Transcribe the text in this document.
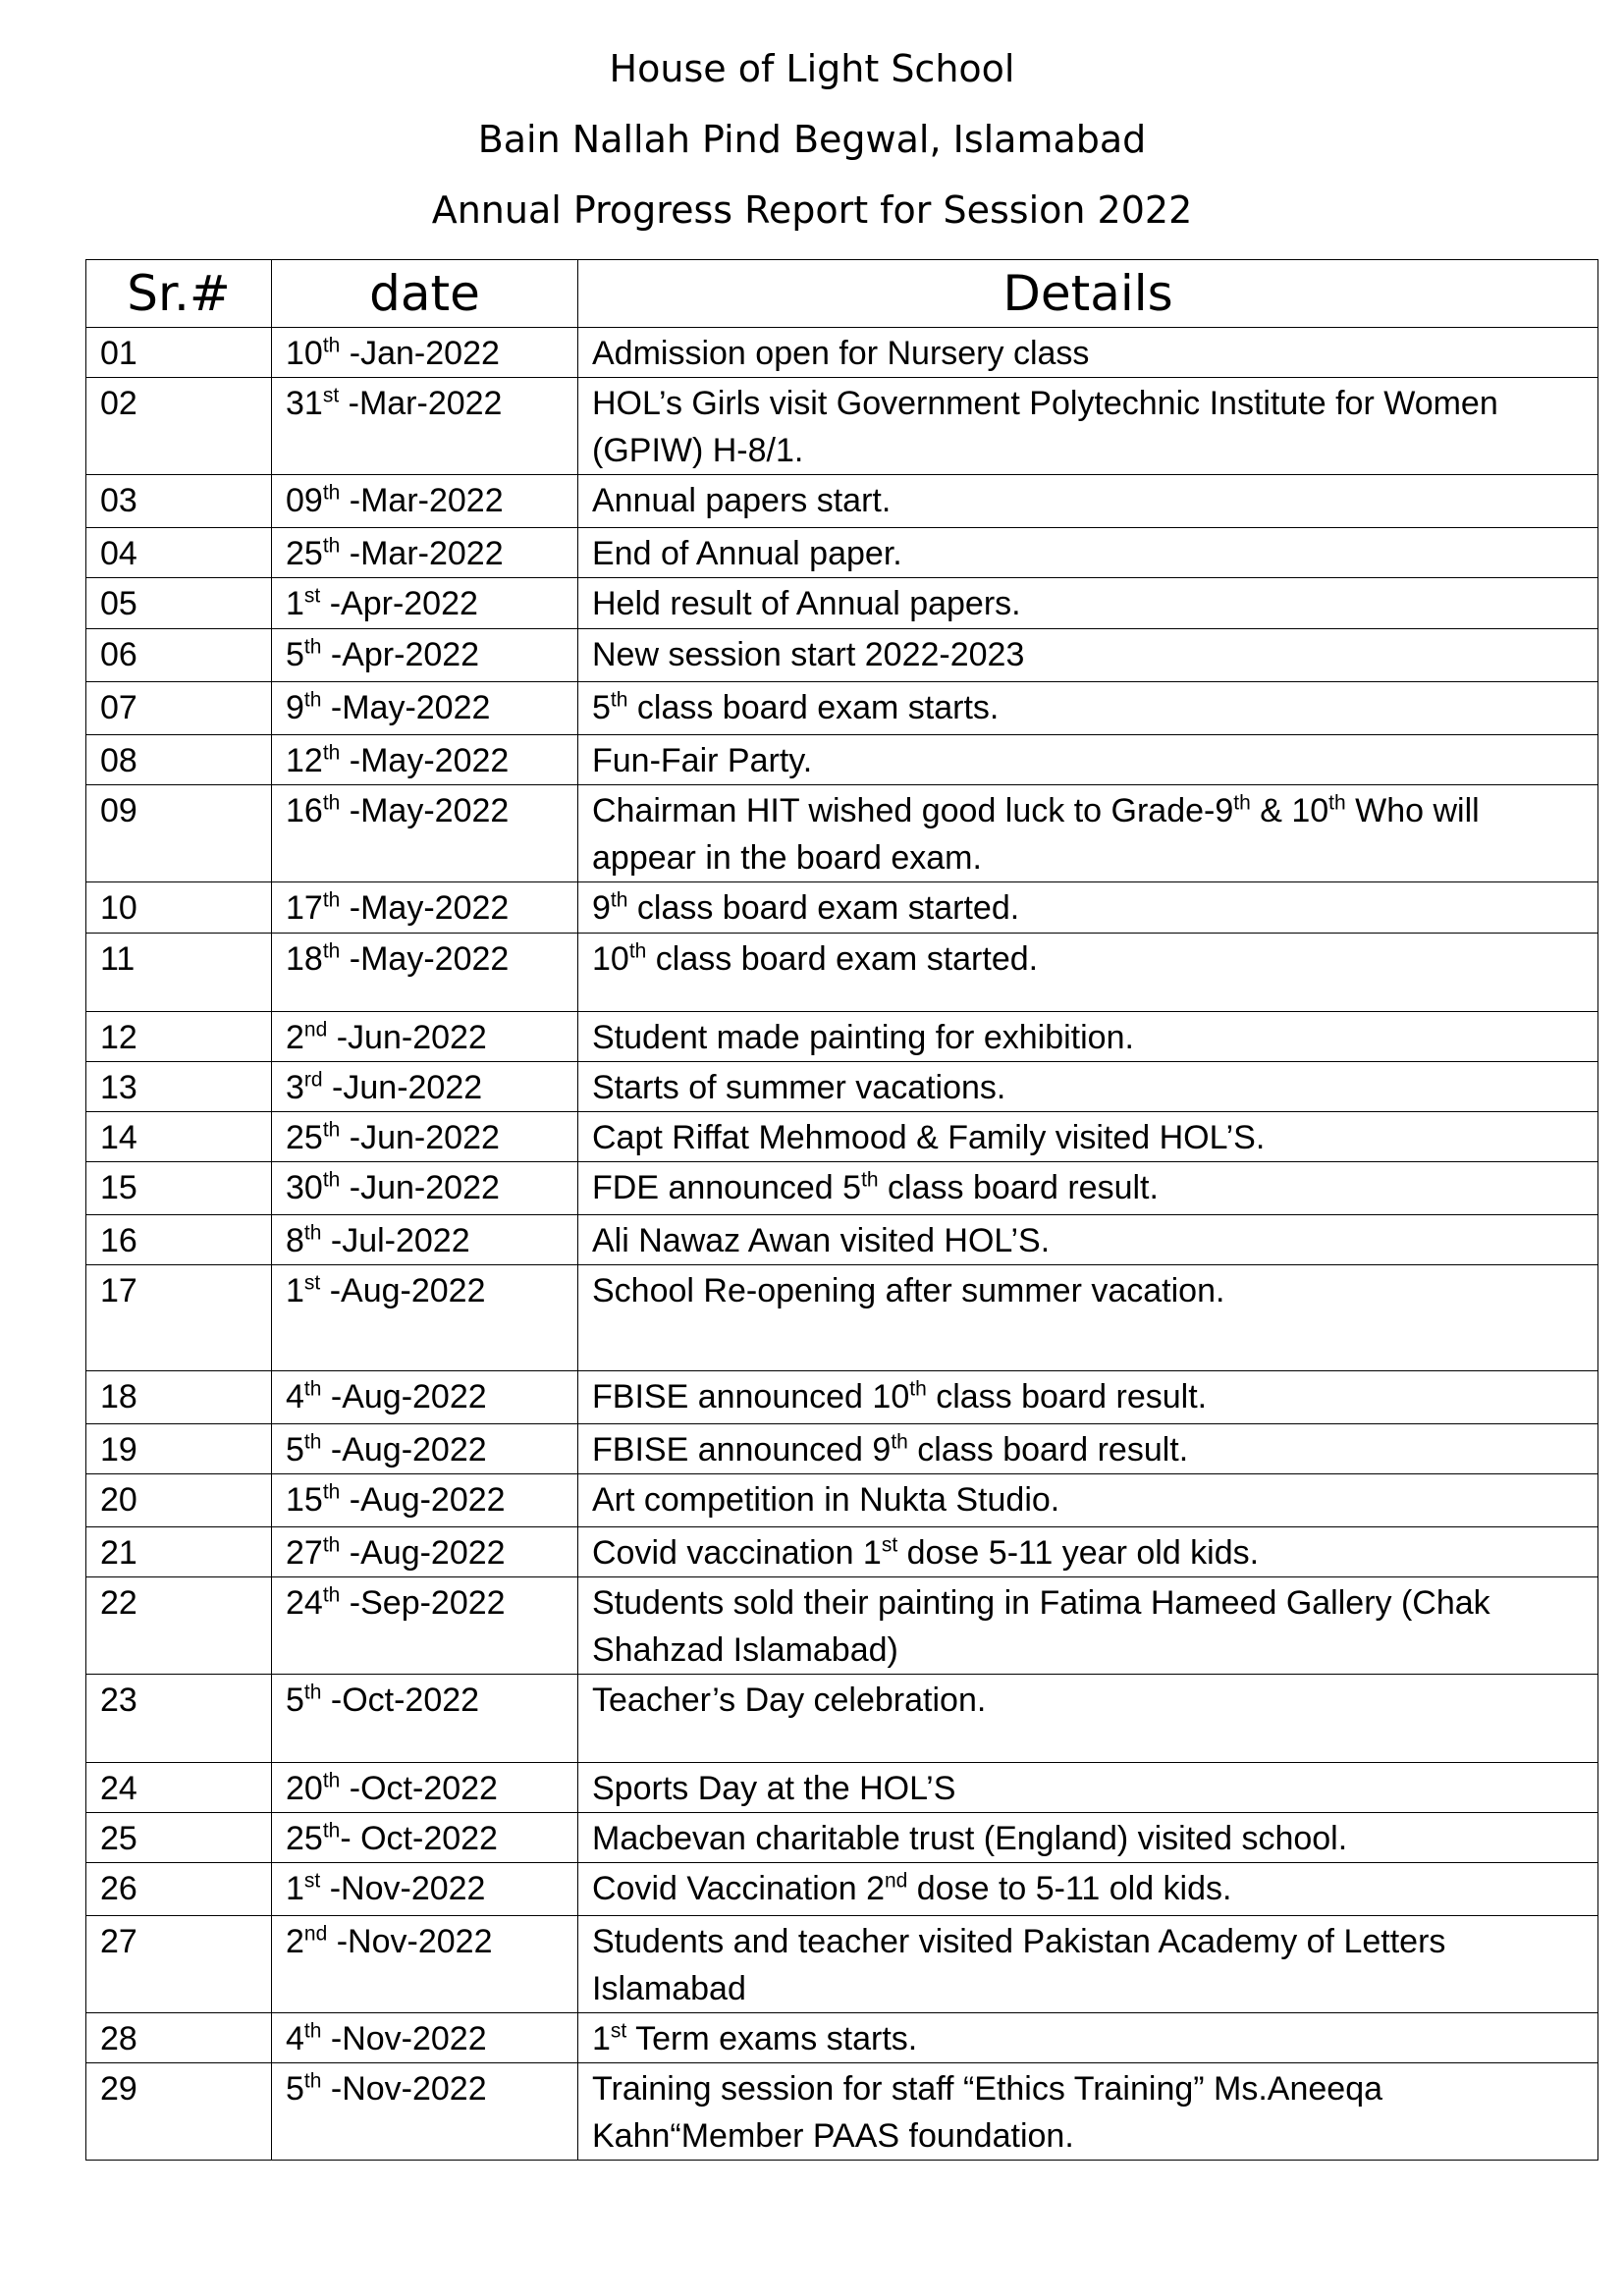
House of Light School
Bain Nallah Pind Begwal, Islamabad
Annual Progress Report for Session 2022
Sr.#	date	Details
01	10th -Jan-2022	Admission open for Nursery class
02	31st -Mar-2022	HOL’s Girls visit Government Polytechnic Institute for Women (GPIW) H-8/1.
03	09th -Mar-2022	Annual papers start.
04	25th -Mar-2022	End of Annual paper.
05	1st -Apr-2022	Held result of Annual papers.
06	5th -Apr-2022	New session start 2022-2023
07	9th -May-2022	5th class board exam starts.
08	12th -May-2022	Fun-Fair Party.
09	16th -May-2022	Chairman HIT wished good luck to Grade-9th & 10th Who will appear in the board exam.
10	17th -May-2022	9th class board exam started.
11	18th -May-2022	10th class board exam started.
12	2nd -Jun-2022	Student made painting for exhibition.
13	3rd -Jun-2022	Starts of summer vacations.
14	25th -Jun-2022	Capt Riffat Mehmood & Family visited HOL’S.
15	30th -Jun-2022	FDE announced 5th class board result.
16	8th -Jul-2022	Ali Nawaz Awan visited HOL’S.
17	1st -Aug-2022	School Re-opening after summer vacation.
18	4th -Aug-2022	FBISE announced 10th class board result.
19	5th -Aug-2022	FBISE announced 9th class board result.
20	15th -Aug-2022	Art competition in Nukta Studio.
21	27th -Aug-2022	Covid vaccination 1st dose 5-11 year old kids.
22	24th -Sep-2022	Students sold their painting in Fatima Hameed Gallery (Chak Shahzad Islamabad)
23	5th -Oct-2022	Teacher’s Day celebration.
24	20th -Oct-2022	Sports Day at the HOL’S
25	25th- Oct-2022	Macbevan charitable trust (England) visited school.
26	1st -Nov-2022	Covid Vaccination 2nd dose to 5-11 old kids.
27	2nd -Nov-2022	Students and teacher visited Pakistan Academy of Letters Islamabad
28	4th -Nov-2022	1st Term exams starts.
29	5th -Nov-2022	Training session for staff “Ethics Training” Ms.Aneeqa Kahn“Member PAAS foundation.
